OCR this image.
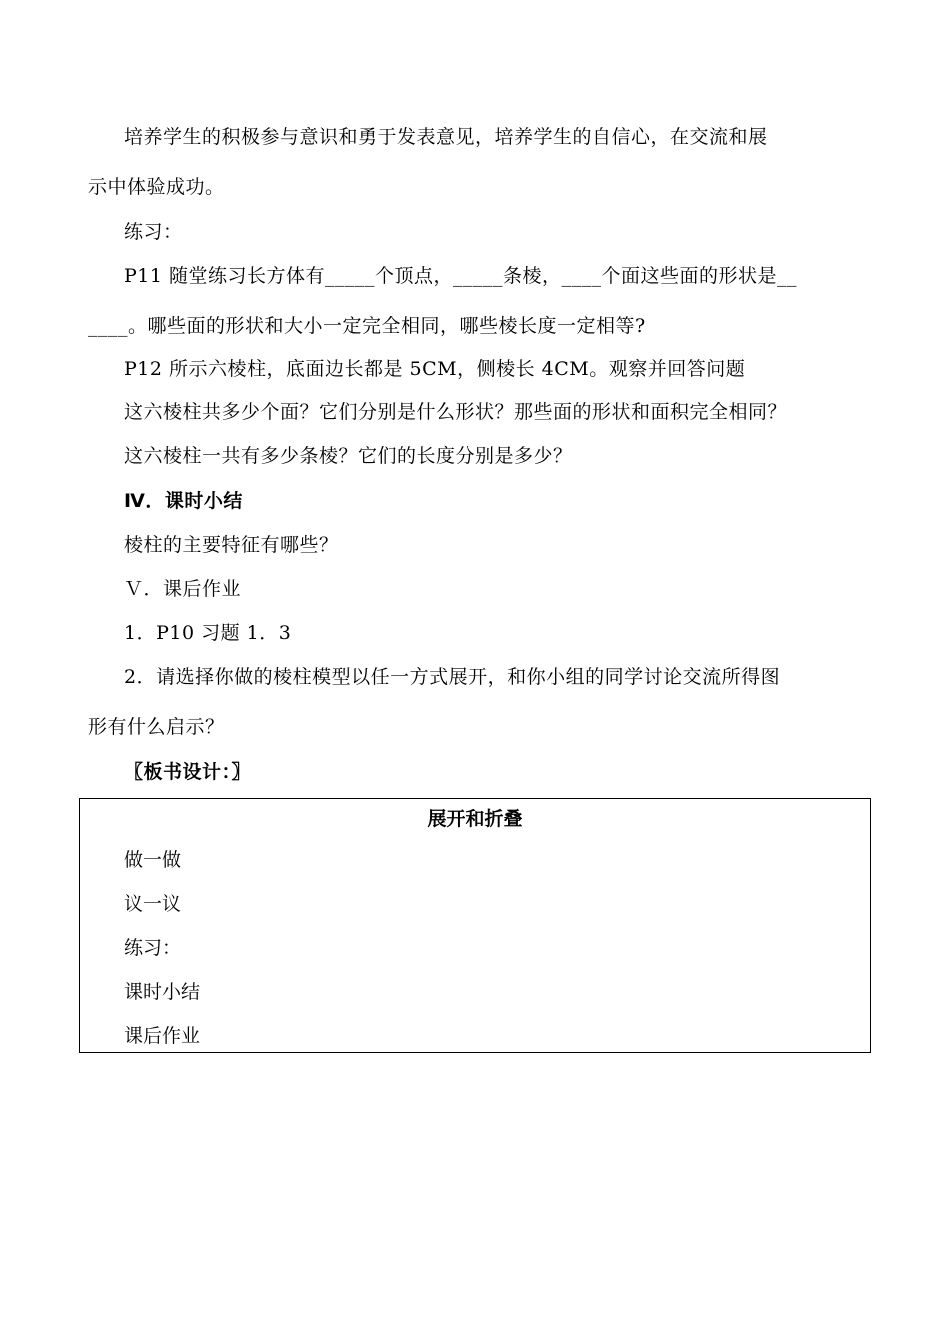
培养学生的积极参与意识和勇于发表意见，培养学生的自信心，在交流和展
示中体验成功。
练习：
P11 随堂练习长方体有_____个顶点，_____条棱，____个面这些面的形状是__
____。哪些面的形状和大小一定完全相同，哪些棱长度一定相等?
P12 所示六棱柱，底面边长都是 5CM，侧棱长 4CM。观察并回答问题
这六棱柱共多少个面？它们分别是什么形状？那些面的形状和面积完全相同？
这六棱柱一共有多少条棱？它们的长度分别是多少？
Ⅳ．课时小结
棱柱的主要特征有哪些？
Ｖ．课后作业
1．P10 习题 1．3
2．请选择你做的棱柱模型以任一方式展开，和你小组的同学讨论交流所得图
形有什么启示？
〖板书设计：〗
展开和折叠
做一做
议一议
练习：
课时小结
课后作业
